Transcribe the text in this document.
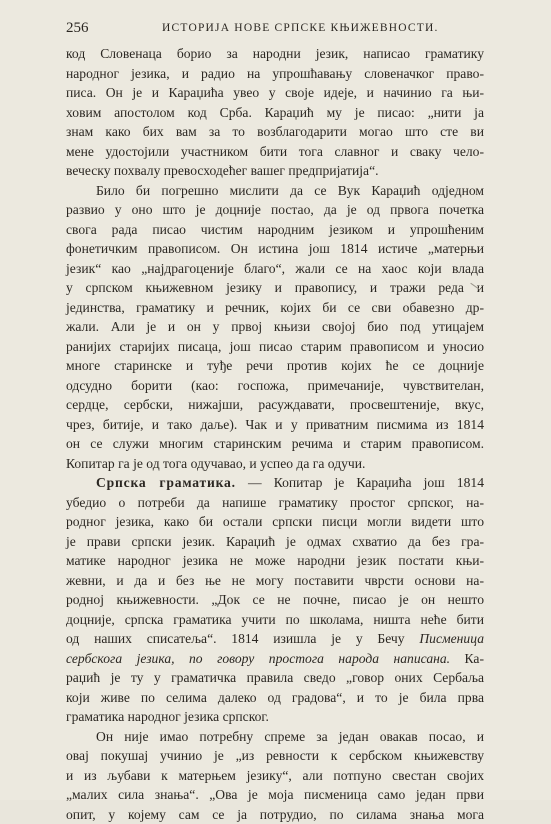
256	ИСТОРИЈА НОВЕ СРПСКЕ КЊИЖЕВНОСТИ.
код Словенаца борио за народни језик, написао граматику
народног језика, и радио на упрошћавању словеначког право-
писа. Он је и Караџића увео у своје идеје, и начинио га њи-
ховим апостолом код Срба. Караџић му је писао: „нити ја
знам како бих вам за то возблагодарити могао што сте ви
мене удостојили участником бити тога славног и сваку чело-
веческу похвалу превосходећег вашег предпријатија“.
Било би погрешно мислити да се Вук Караџић одједном
развио у оно што је доцније постао, да је од првога почетка
свога рада писао чистим народним језиком и упрошћеним
фонетичким правописом. Он истина још 1814 истиче „матерњи
језик“ као „најдрагоценије благо“, жали се на хаос који влада
у српском књижевном језику и правопису, и тражи реда и
јединства, граматику и речник, којих би се сви обавезно др-
жали. Али је и он у првој књизи својој био под утицајем
ранијих старијих писаца, још писао старим правописом и уносио
многе старинске и туђе речи против којих ће се доцније
одсудно борити (као: госпожа, примечаније, чувствителан,
сердце, сербски, нижајши, расуждавати, просвештеније, вкус,
чрез, битије, и тако даље). Чак и у приватним писмима из 1814
он се служи многим старинским речима и старим правописом.
Копитар га је од тога одучавао, и успео да га одучи.
Српска граматика. — Копитар је Караџића још 1814
убедио о потреби да напише граматику простог српског, на-
родног језика, како би остали српски писци могли видети што
је прави српски језик. Караџић је одмах схватио да без гра-
матике народног језика не може народни језик постати књи-
жевни, и да и без ње не могу поставити чврсти основи на-
родној књижевности. „Док се не почне, писао је он нешто
доцније, српска граматика учити по школама, ништа неће бити
од наших списатеља“. 1814 изишла је у Бечу Писменица
сербскога језика, по говору простога народа написана. Ка-
раџић је ту у граматичка правила сведо „говор оних Сербаља
који живе по селима далеко од градова“, и то је била прва
граматика народног језика српског.
Он није имао потребну спреме за један овакав посао, и
овај покушај учинио је „из ревности к сербском књижевству
и из љубави к матерњем језику“, али потпуно свестан својих
„малих сила знања“. „Ова је моја писменица само један први
опит, у којему сам се ја потрудио, по силама знања мога
